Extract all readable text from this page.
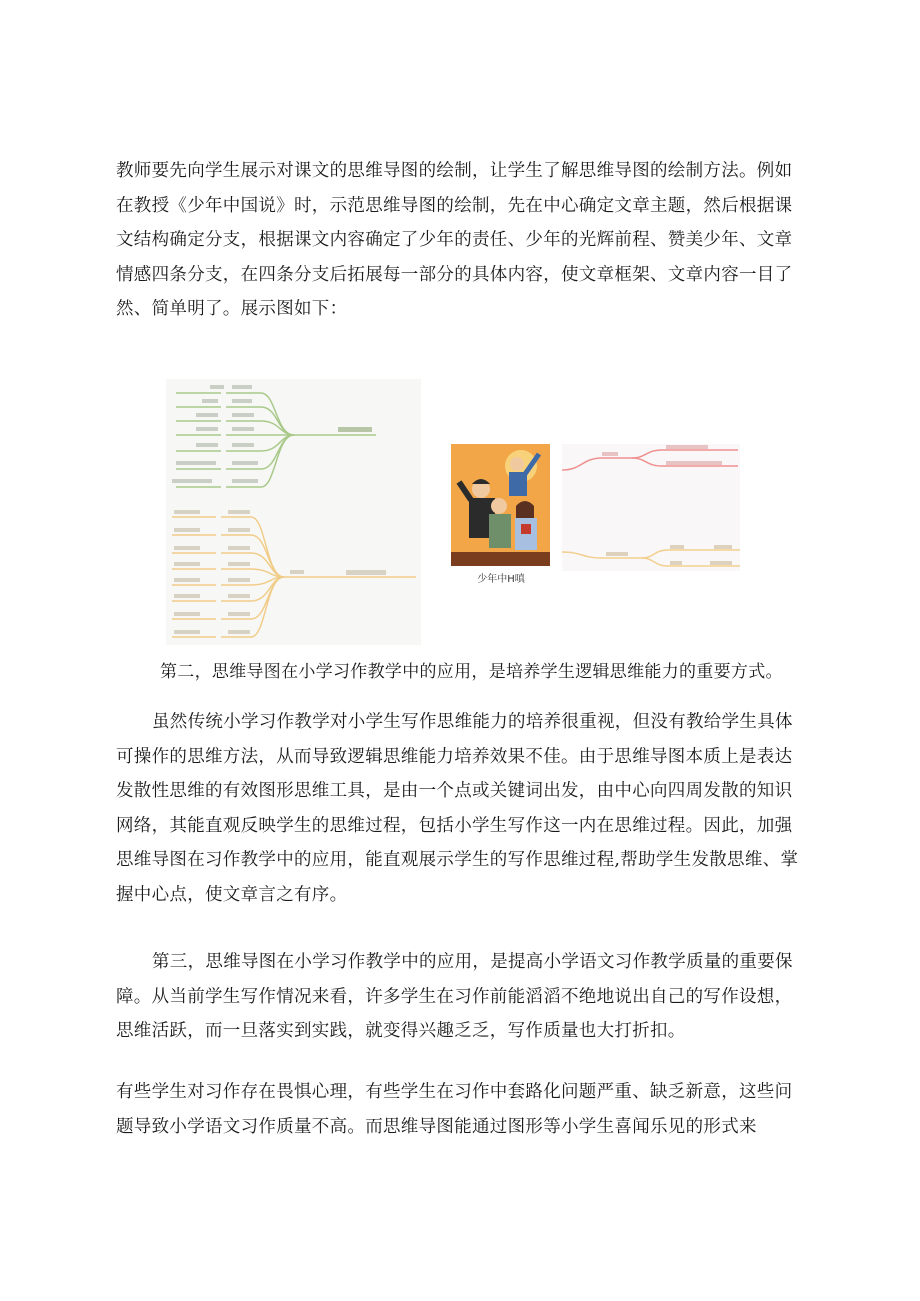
教师要先向学生展示对课文的思维导图的绘制，让学生了解思维导图的绘制方法。例如在教授《少年中国说》时，示范思维导图的绘制，先在中心确定文章主题，然后根据课文结构确定分支，根据课文内容确定了少年的责任、少年的光辉前程、赞美少年、文章情感四条分支，在四条分支后拓展每一部分的具体内容，使文章框架、文章内容一目了然、简单明了。展示图如下：

少年中H嗔

第二，思维导图在小学习作教学中的应用，是培养学生逻辑思维能力的重要方式。

虽然传统小学习作教学对小学生写作思维能力的培养很重视，但没有教给学生具体可操作的思维方法，从而导致逻辑思维能力培养效果不佳。由于思维导图本质上是表达发散性思维的有效图形思维工具，是由一个点或关键词出发，由中心向四周发散的知识网络，其能直观反映学生的思维过程，包括小学生写作这一内在思维过程。因此，加强思维导图在习作教学中的应用，能直观展示学生的写作思维过程,帮助学生发散思维、掌握中心点，使文章言之有序。

第三，思维导图在小学习作教学中的应用，是提高小学语文习作教学质量的重要保障。从当前学生写作情况来看，许多学生在习作前能滔滔不绝地说出自己的写作设想，思维活跃，而一旦落实到实践，就变得兴趣乏乏，写作质量也大打折扣。

有些学生对习作存在畏惧心理，有些学生在习作中套路化问题严重、缺乏新意，这些问题导致小学语文习作质量不高。而思维导图能通过图形等小学生喜闻乐见的形式来
